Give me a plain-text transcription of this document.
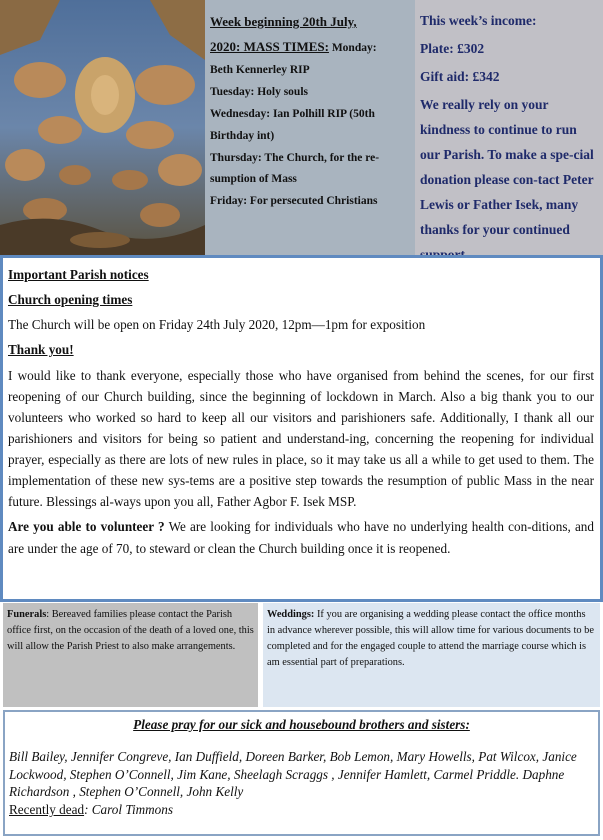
Week beginning 20th July,

2020: MASS TIMES: Monday:

Beth Kennerley RIP

Tuesday: Holy souls

Wednesday: Ian Polhill RIP (50th Birthday int)

Thursday: The Church, for the re-sumption of Mass

Friday: For persecuted Christians

This week’s income:

Plate: £302

Gift aid: £342

We really rely on your kindness to continue to run our Parish. To make a spe-cial donation please con-tact Peter Lewis or Father Isek, many thanks for your continued

Important Parish notices

Church opening times

The Church will be open on Friday 24th July 2020, 12pm—1pm for exposition

Thank you!

I would like to thank everyone, especially those who have organised from behind the scenes, for our first reopening of our Church building, since the beginning of lockdown in March. Also a big thank you to our volunteers who worked so hard to keep all our visitors and parishioners safe. Additionally, I thank all our parishioners and visitors for being so patient and understand-ing, concerning the reopening for individual prayer, especially as there are lots of new rules in place, so it may take us all a while to get used to them. The implementation of these new sys-tems are a positive step towards the resumption of public Mass in the near future. Blessings al-ways upon you all, Father Agbor F. Isek MSP.

Are you able to volunteer ? We are looking for individuals who have no underlying health con-ditions, and are under the age of 70, to steward or clean the Church building once it is reopened.

Funerals: Bereaved families please contact the Parish office first, on the occasion of the death of a loved one, this will allow the Parish Priest to also make arrangements.
Weddings: If you are organising a wedding please contact the office months in advance wherever possible, this will allow time for various documents to be completed and for the engaged couple to attend the marriage course which is am essential part of preparations.

Please pray for our sick and housebound brothers and sisters:

Bill Bailey, Jennifer Congreve, Ian Duffield, Doreen Barker, Bob Lemon, Mary Howells, Pat Wilcox, Janice Lockwood, Stephen O’Connell, Jim Kane, Sheelagh Scraggs , Jennifer Hamlett, Carmel Priddle. Daphne Richardson , Stephen O’Connell, John Kelly

Recently dead: Carol Timmons
